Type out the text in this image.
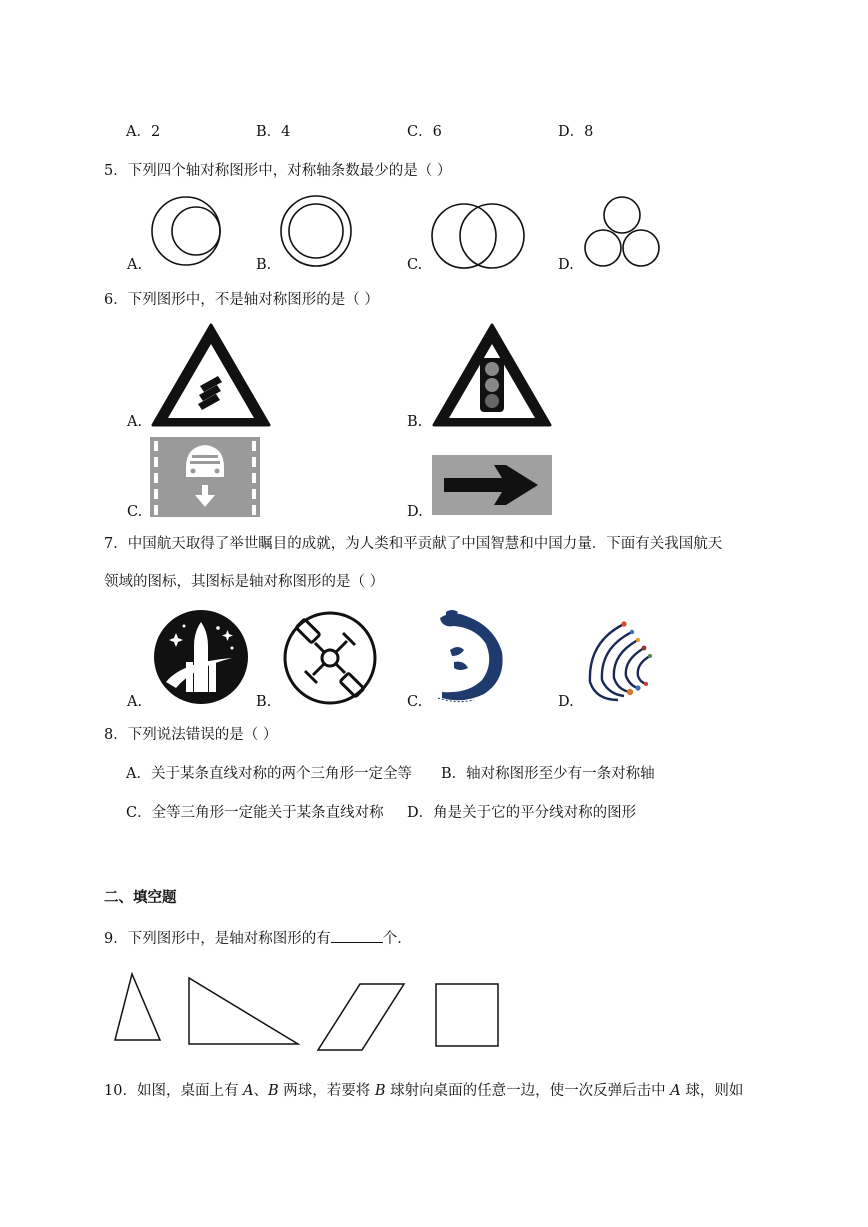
A．2	B．4	C．6	D．8
5．下列四个轴对称图形中，对称轴条数最少的是（ ）
A.	B.	C.	D.
6．下列图形中，不是轴对称图形的是（ ）
A.	B.
C.	D.
7．中国航天取得了举世瞩目的成就，为人类和平贡献了中国智慧和中国力量．下面有关我国航天
领域的图标，其图标是轴对称图形的是（ ）
A.	B.	C.	D.
8．下列说法错误的是（ ）
A．关于某条直线对称的两个三角形一定全等 B．轴对称图形至少有一条对称轴
C．全等三角形一定能关于某条直线对称 D．角是关于它的平分线对称的图形
二、填空题
9．下列图形中，是轴对称图形的有	个．
10．如图，桌面上有 A、B 两球，若要将 B 球射向桌面的任意一边，使一次反弹后击中 A 球，则如
